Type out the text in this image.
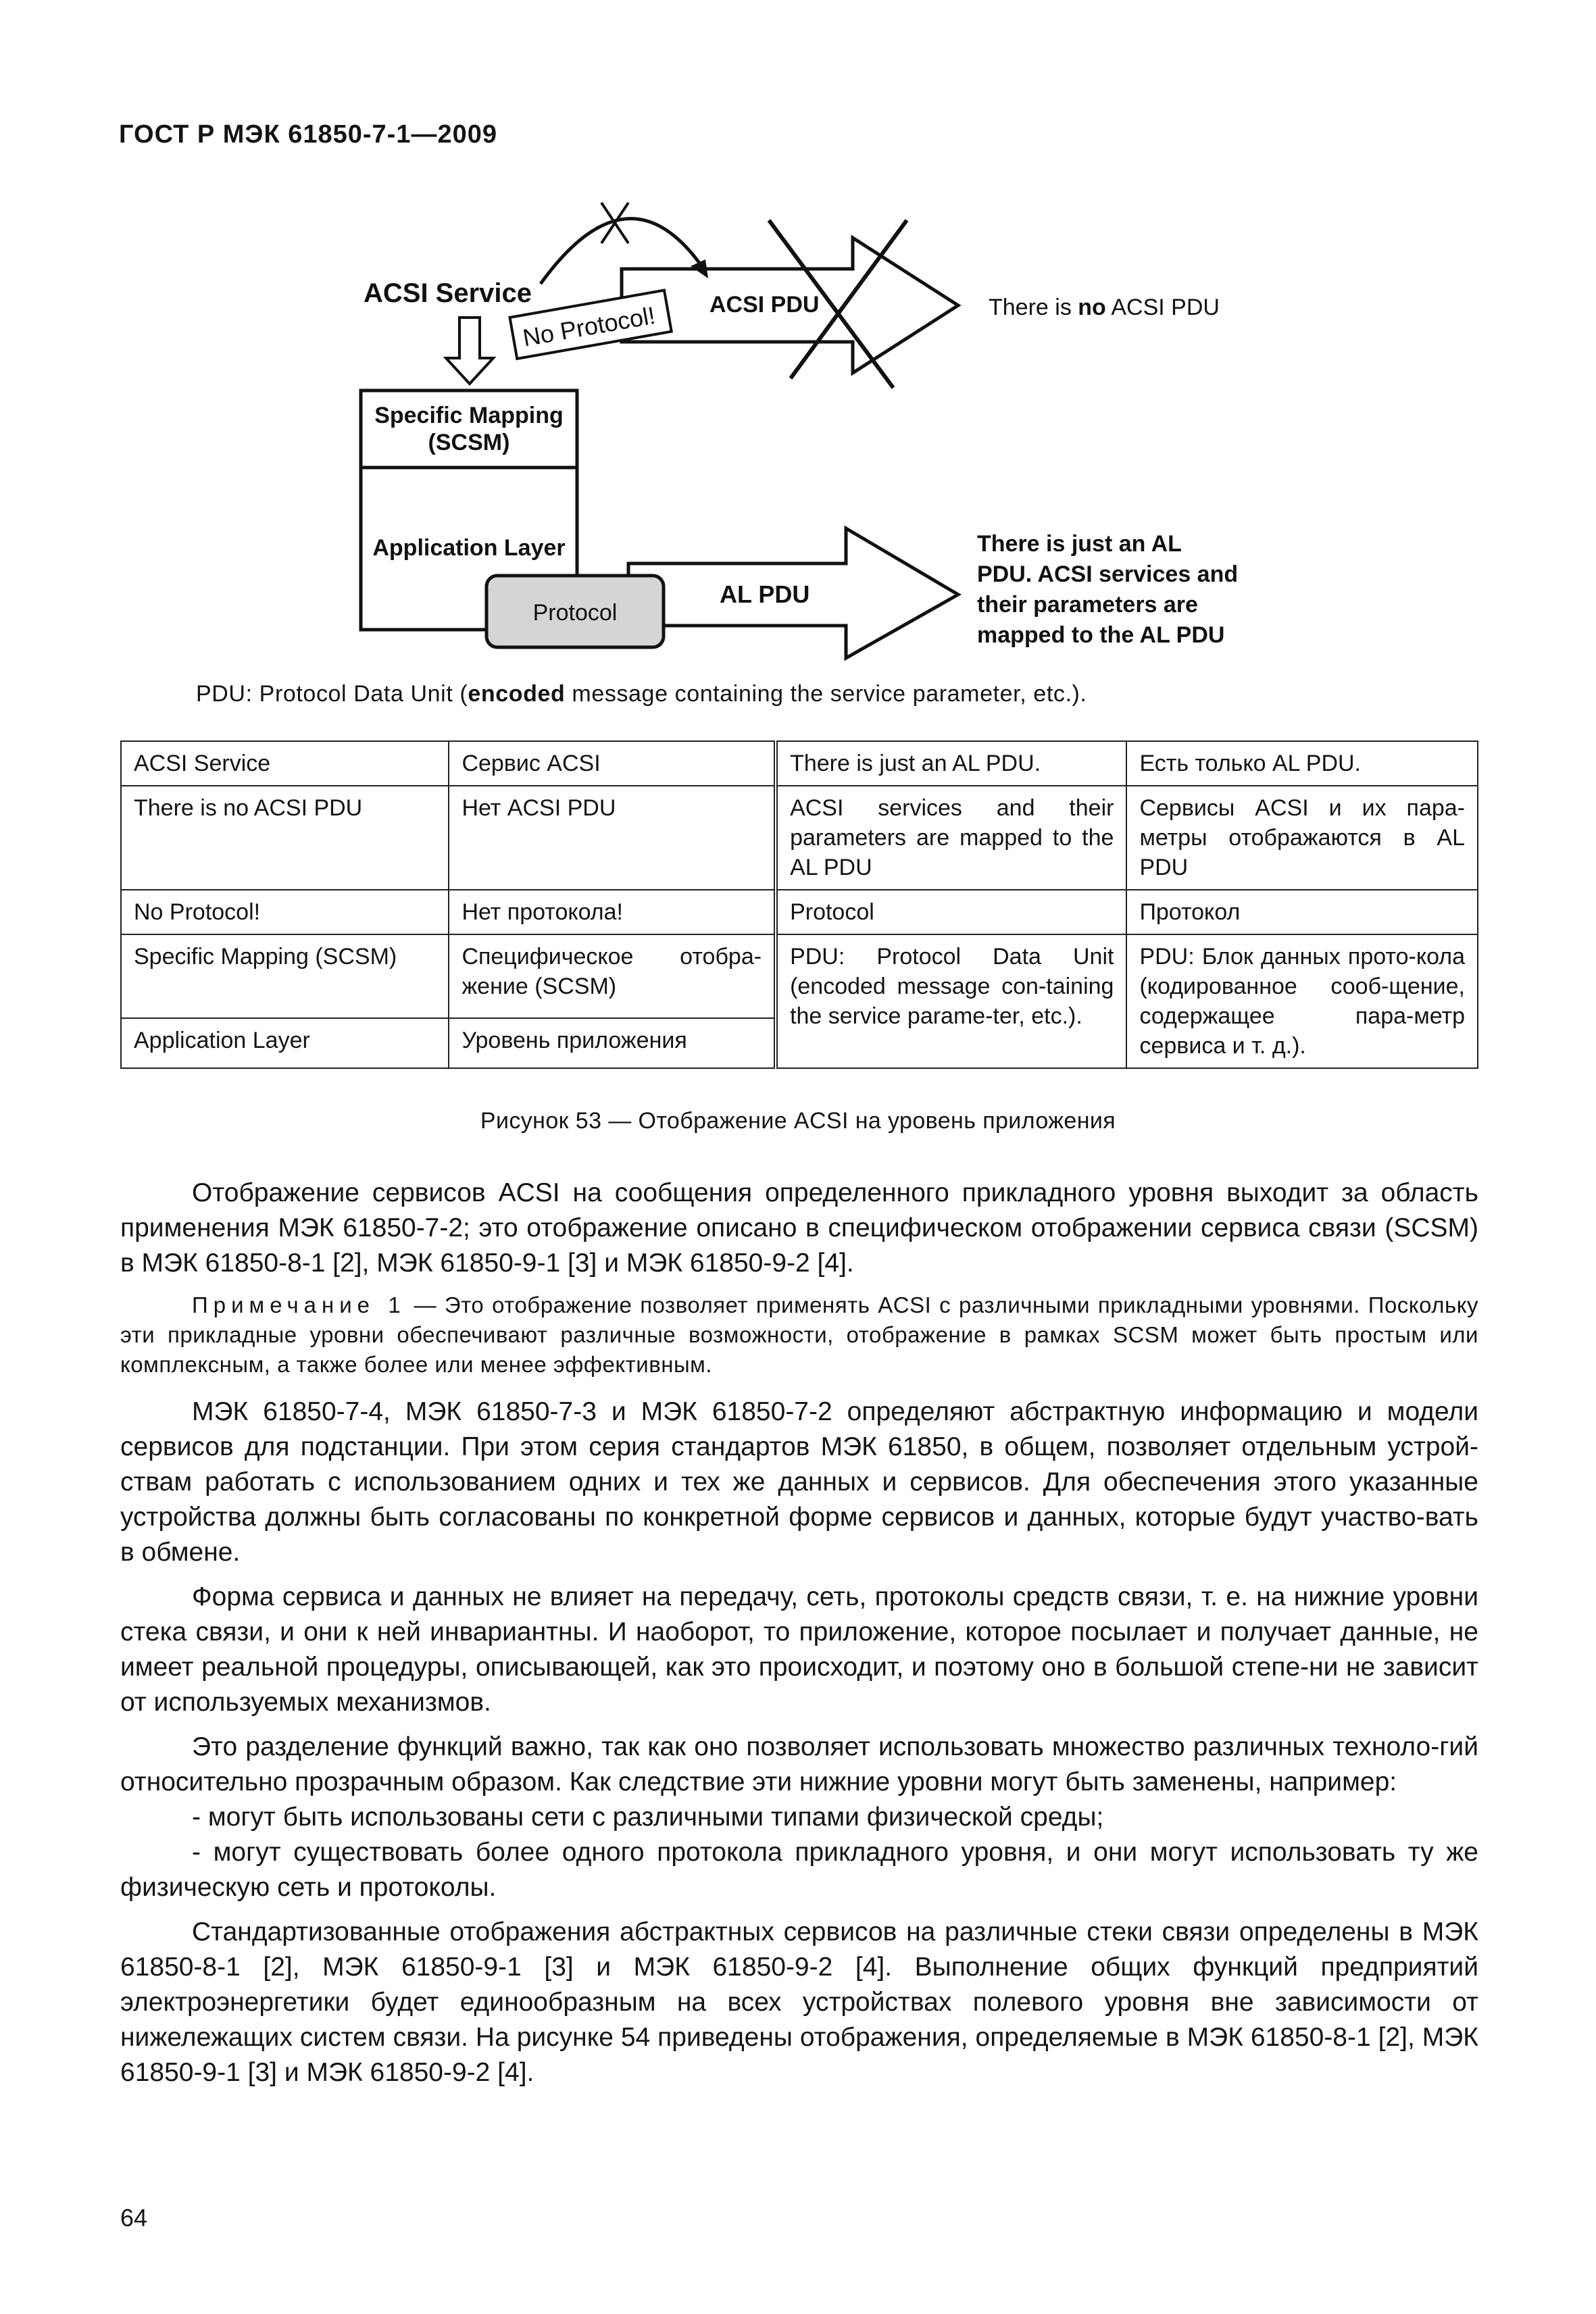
ГОСТ Р МЭК 61850-7-1—2009
ACSI Service
No Protocol! ACSI PDU	There is no ACSI PDU
Specific Mapping
(SCSM)
Application Layer
AL PDU
Protocol
There is just an AL
PDU. ACSI services and
their parameters are
mapped to the AL PDU
PDU: Protocol Data Unit (encoded message containing the service parameter, etc.).
ACSI Service	Сервис ACSI	There is just an AL PDU.	Есть только AL PDU.
There is no ACSI PDU	Нет ACSI PDU	ACSI services and their parameters are mapped to the AL PDU	Сервисы ACSI и их пара-метры отображаются в AL PDU
No Protocol!	Нет протокола!	Protocol	Протокол
Specific Mapping (SCSM)	Специфическое отобра-жение (SCSM)	PDU: Protocol Data Unit (encoded message con-taining the service parame-ter, etc.).	PDU: Блок данных прото-кола (кодированное сооб-щение, содержащее пара-метр сервиса и т. д.).
Application Layer	Уровень приложения		
Рисунок 53 — Отображение ACSI на уровень приложения

Отображение сервисов ACSI на сообщения определенного прикладного уровня выходит за область применения МЭК 61850-7-2; это отображение описано в специфическом отображении сервиса связи (SCSM) в МЭК 61850-8-1 [2], МЭК 61850-9-1 [3] и МЭК 61850-9-2 [4].

Примечание 1 — Это отображение позволяет применять ACSI с различными прикладными уровнями. Поскольку эти прикладные уровни обеспечивают различные возможности, отображение в рамках SCSM может быть простым или комплексным, а также более или менее эффективным.

МЭК 61850-7-4, МЭК 61850-7-3 и МЭК 61850-7-2 определяют абстрактную информацию и модели сервисов для подстанции. При этом серия стандартов МЭК 61850, в общем, позволяет отдельным устрой-ствам работать с использованием одних и тех же данных и сервисов. Для обеспечения этого указанные устройства должны быть согласованы по конкретной форме сервисов и данных, которые будут участво-вать в обмене.

Форма сервиса и данных не влияет на передачу, сеть, протоколы средств связи, т. е. на нижние уровни стека связи, и они к ней инвариантны. И наоборот, то приложение, которое посылает и получает данные, не имеет реальной процедуры, описывающей, как это происходит, и поэтому оно в большой степе-ни не зависит от используемых механизмов.

Это разделение функций важно, так как оно позволяет использовать множество различных техноло-гий относительно прозрачным образом. Как следствие эти нижние уровни могут быть заменены, например:

- могут быть использованы сети с различными типами физической среды;

- могут существовать более одного протокола прикладного уровня, и они могут использовать ту же физическую сеть и протоколы.

Стандартизованные отображения абстрактных сервисов на различные стеки связи определены в МЭК 61850-8-1 [2], МЭК 61850-9-1 [3] и МЭК 61850-9-2 [4]. Выполнение общих функций предприятий электроэнергетики будет единообразным на всех устройствах полевого уровня вне зависимости от нижележащих систем связи. На рисунке 54 приведены отображения, определяемые в МЭК 61850-8-1 [2], МЭК 61850-9-1 [3] и МЭК 61850-9-2 [4].

64
